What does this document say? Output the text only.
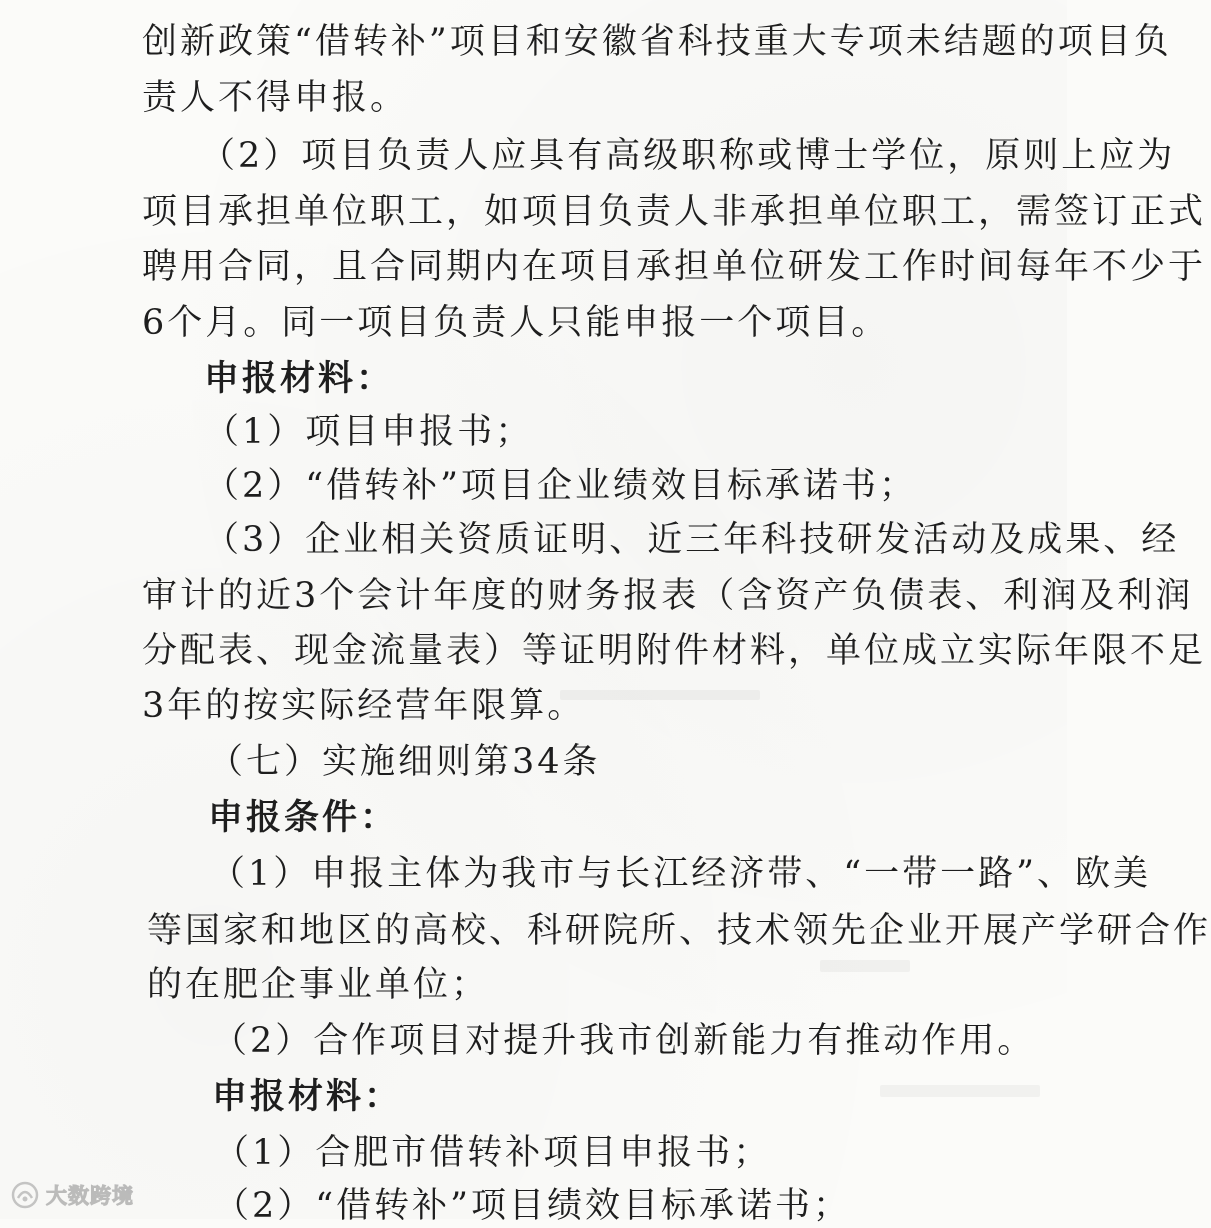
创新政策“借转补”项目和安徽省科技重大专项未结题的项目负
责人不得申报。
（2）项目负责人应具有高级职称或博士学位，原则上应为
项目承担单位职工，如项目负责人非承担单位职工，需签订正式
聘用合同，且合同期内在项目承担单位研发工作时间每年不少于
6个月。同一项目负责人只能申报一个项目。
申报材料：
（1）项目申报书；
（2）“借转补”项目企业绩效目标承诺书；
（3）企业相关资质证明、近三年科技研发活动及成果、经
审计的近3个会计年度的财务报表（含资产负债表、利润及利润
分配表、现金流量表）等证明附件材料，单位成立实际年限不足
3年的按实际经营年限算。
（七）实施细则第34条
申报条件：
（1）申报主体为我市与长江经济带、“一带一路”、欧美
等国家和地区的高校、科研院所、技术领先企业开展产学研合作
的在肥企事业单位；
（2）合作项目对提升我市创新能力有推动作用。
申报材料：
（1）合肥市借转补项目申报书；
（2）“借转补”项目绩效目标承诺书；
大数跨境
